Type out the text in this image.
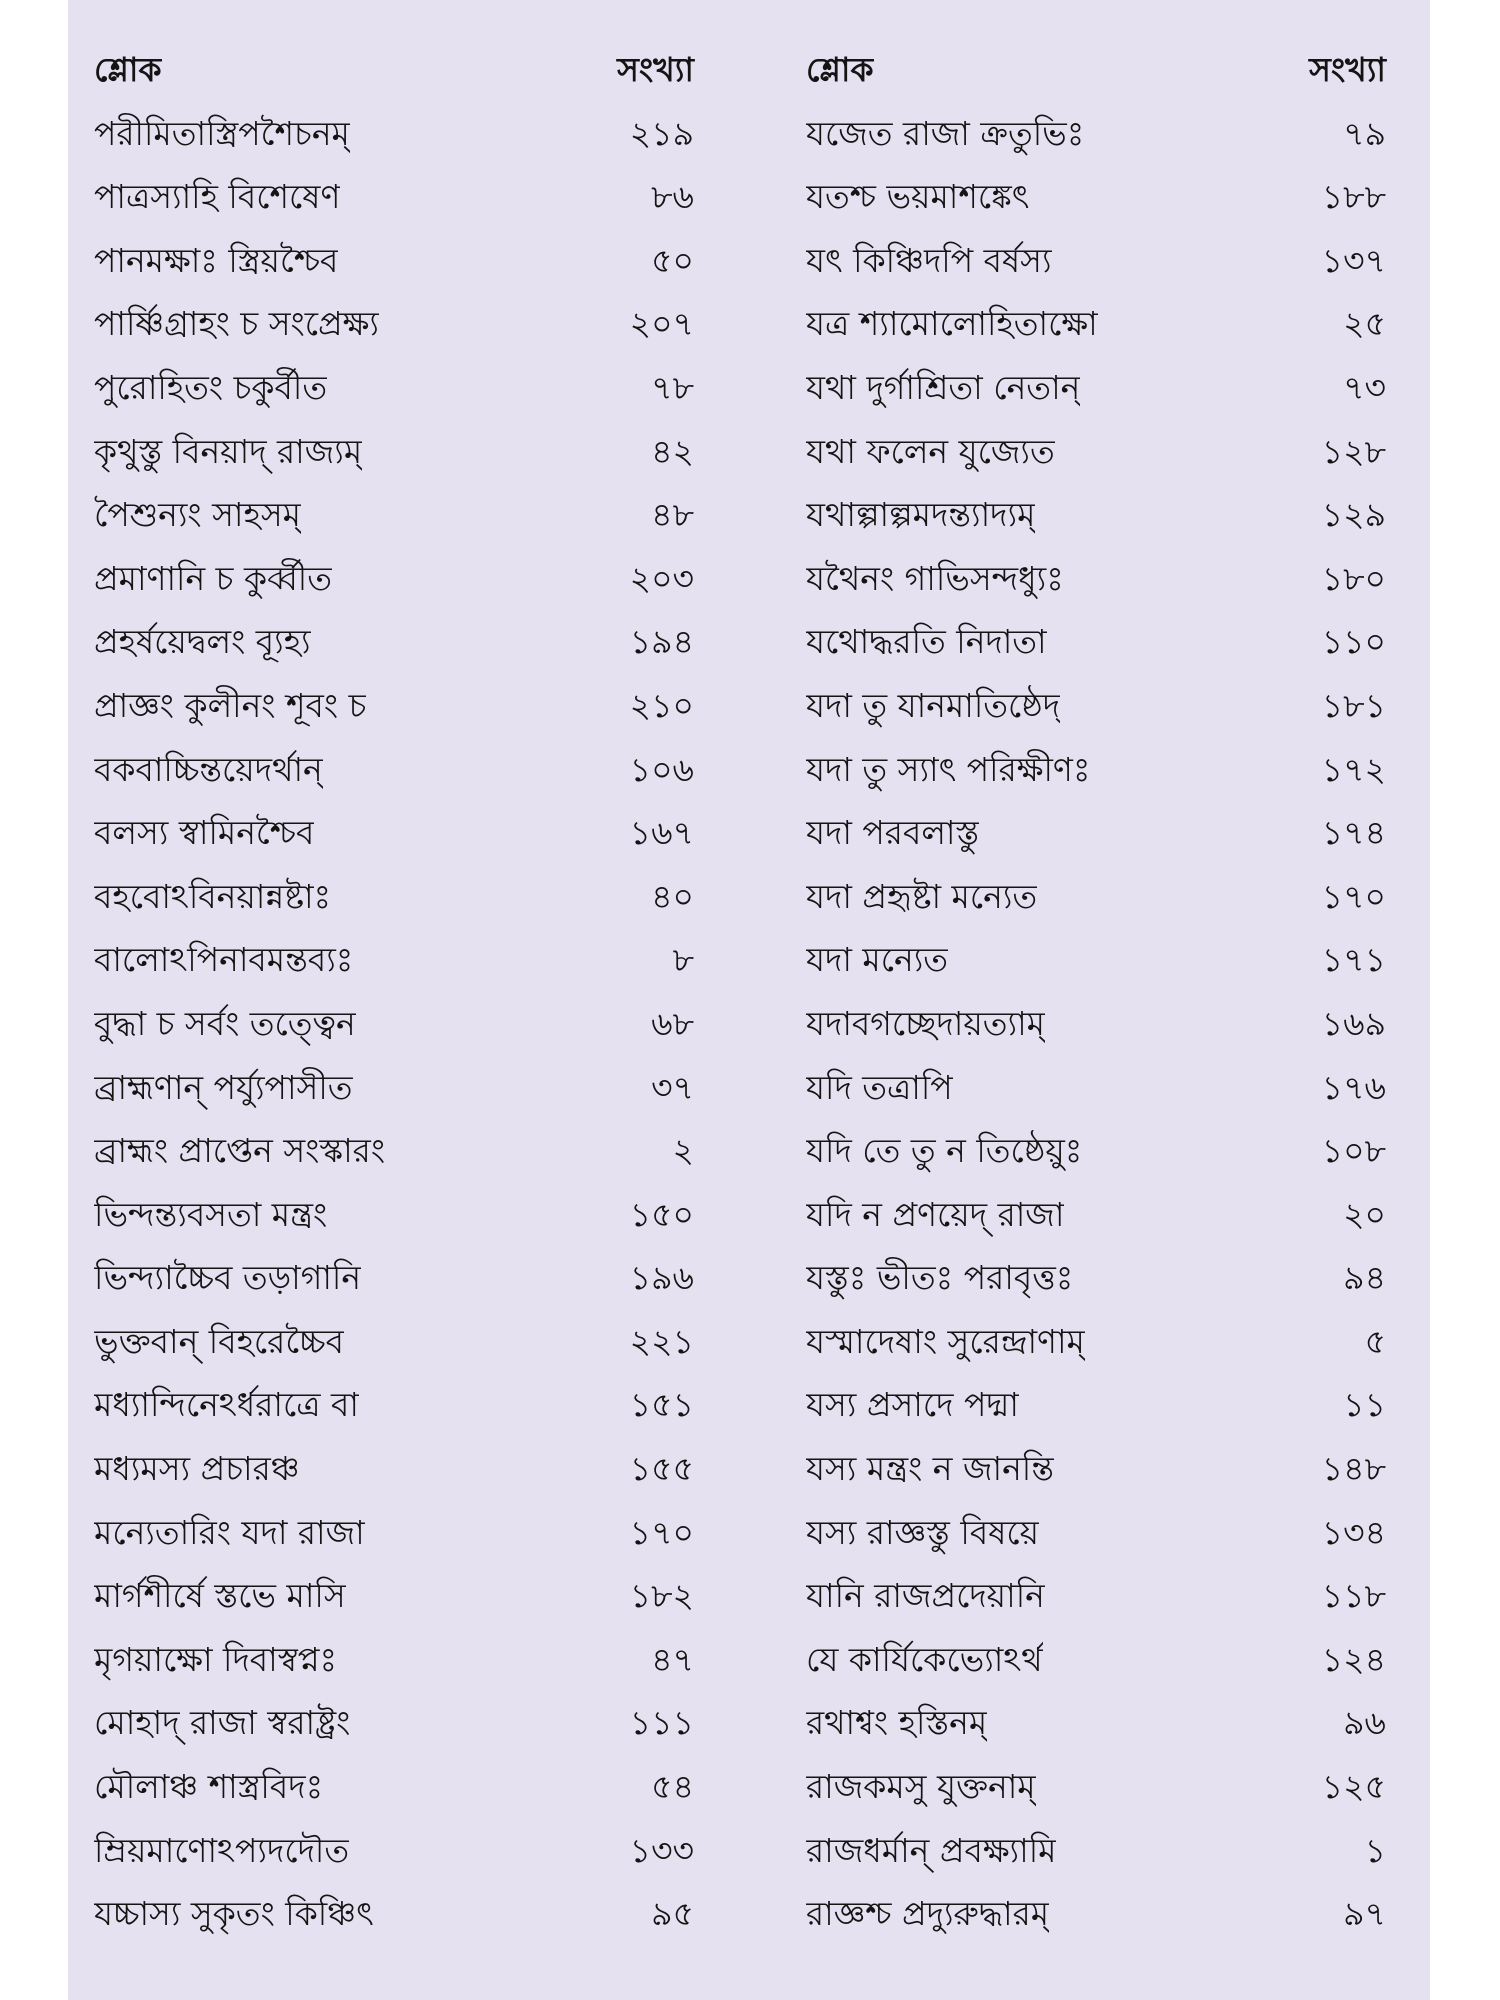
শ্লোক	সংখ্যা
পরীমিতাস্ত্রিপশৈচনম্	২১৯
পাত্রস্যাহি বিশেষেণ	৮৬
পানমক্ষাঃ স্ত্রিয়শ্চৈব	৫০
পার্ষ্ণিগ্রাহং চ সংপ্রেক্ষ্য	২০৭
পুরোহিতং চকুর্বীত	৭৮
কৃথুস্তু বিনয়াদ্ রাজ্যম্	৪২
পৈশুন্যং সাহসম্	৪৮
প্রমাণানি চ কুর্ব্বীত	২০৩
প্রহর্ষয়েদ্বলং ব্যূহ্য	১৯৪
প্রাজ্ঞং কুলীনং শূবং চ	২১০
বকবাচ্চিন্তয়েদর্থান্	১০৬
বলস্য স্বামিনশ্চৈব	১৬৭
বহবোঽবিনয়ান্নষ্টাঃ	৪০
বালোঽপিনাবমন্তব্যঃ	৮
বুদ্ধা চ সর্বং তত্ত্বেন	৬৮
ব্রাহ্মণান্ পর্য্যুপাসীত	৩৭
ব্রাহ্মং প্রাপ্তেন সংস্কারং	২
ভিন্দন্ত্যবসতা মন্ত্রং	১৫০
ভিন্দ্যাচ্চৈব তড়াগানি	১৯৬
ভুক্তবান্ বিহরেচ্চৈব	২২১
মধ্যান্দিনেঽর্ধরাত্রে বা	১৫১
মধ্যমস্য প্রচারঞ্চ	১৫৫
মন্যেতারিং যদা রাজা	১৭০
মার্গশীর্ষে স্তভে মাসি	১৮২
মৃগয়াক্ষো দিবাস্বপ্নঃ	৪৭
মোহাদ্ রাজা স্বরাষ্ট্রং	১১১
মৌলাঞ্চ শাস্ত্রবিদঃ	৫৪
ম্রিয়মাণোঽপ্যদদৌত	১৩৩
যচ্চাস্য সুকৃতং কিঞ্চিৎ	৯৫
শ্লোক	সংখ্যা
যজেত রাজা ক্রতুভিঃ	৭৯
যতশ্চ ভয়মাশঙ্কেৎ	১৮৮
যৎ কিঞ্চিদপি বর্ষস্য	১৩৭
যত্র শ্যামোলোহিতাক্ষো	২৫
যথা দুর্গাশ্রিতা নেতান্	৭৩
যথা ফলেন যুজ্যেত	১২৮
যথাল্পাল্পমদন্ত্যাদ্যম্	১২৯
যথৈনং গাভিসন্দধ্যুঃ	১৮০
যথোদ্ধরতি নিদাতা	১১০
যদা তু যানমাতিষ্ঠেদ্	১৮১
যদা তু স্যাৎ পরিক্ষীণঃ	১৭২
যদা পরবলাস্তু	১৭৪
যদা প্রহৃষ্টা মন্যেত	১৭০
যদা মন্যেত	১৭১
যদাবগচ্ছেদায়ত্যাম্	১৬৯
যদি তত্রাপি	১৭৬
যদি তে তু ন তিষ্ঠেয়ুঃ	১০৮
যদি ন প্রণয়েদ্ রাজা	২০
যস্তুঃ ভীতঃ পরাবৃত্তঃ	৯৪
যস্মাদেষাং সুরেন্দ্রাণাম্	৫
যস্য প্রসাদে পদ্মা	১১
যস্য মন্ত্রং ন জানন্তি	১৪৮
যস্য রাজ্ঞস্তু বিষয়ে	১৩৪
যানি রাজপ্রদেয়ানি	১১৮
যে কার্যিকেভ্যোঽর্থ	১২৪
রথাশ্বং হস্তিনম্	৯৬
রাজকমসু যুক্তনাম্	১২৫
রাজধর্মান্ প্রবক্ষ্যামি	১
রাজ্ঞশ্চ প্রদ্যুরুদ্ধারম্	৯৭
